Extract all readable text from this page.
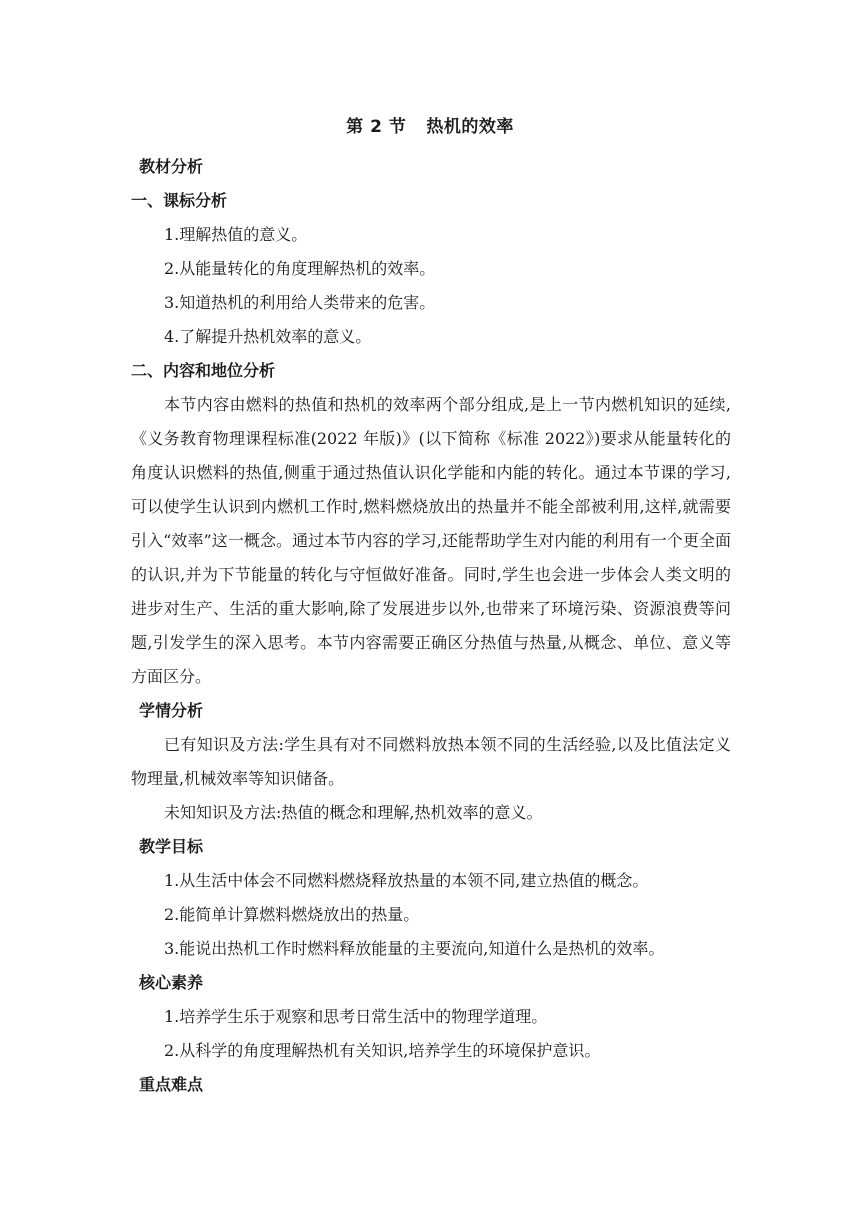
第 2 节 热机的效率
教材分析
一、课标分析
1.理解热值的意义。
2.从能量转化的角度理解热机的效率。
3.知道热机的利用给人类带来的危害。
4.了解提升热机效率的意义。
二、内容和地位分析

本节内容由燃料的热值和热机的效率两个部分组成,是上一节内燃机知识的延续,《义务教育物理课程标准(2022 年版)》(以下简称《标准 2022》)要求从能量转化的角度认识燃料的热值,侧重于通过热值认识化学能和内能的转化。通过本节课的学习,可以使学生认识到内燃机工作时,燃料燃烧放出的热量并不能全部被利用,这样,就需要引入“效率”这一概念。通过本节内容的学习,还能帮助学生对内能的利用有一个更全面的认识,并为下节能量的转化与守恒做好准备。同时,学生也会进一步体会人类文明的进步对生产、生活的重大影响,除了发展进步以外,也带来了环境污染、资源浪费等问题,引发学生的深入思考。本节内容需要正确区分热值与热量,从概念、单位、意义等方面区分。

学情分析

已有知识及方法:学生具有对不同燃料放热本领不同的生活经验,以及比值法定义物理量,机械效率等知识储备。

未知知识及方法:热值的概念和理解,热机效率的意义。

教学目标
1.从生活中体会不同燃料燃烧释放热量的本领不同,建立热值的概念。
2.能简单计算燃料燃烧放出的热量。
3.能说出热机工作时燃料释放能量的主要流向,知道什么是热机的效率。
核心素养
1.培养学生乐于观察和思考日常生活中的物理学道理。
2.从科学的角度理解热机有关知识,培养学生的环境保护意识。
重点难点
